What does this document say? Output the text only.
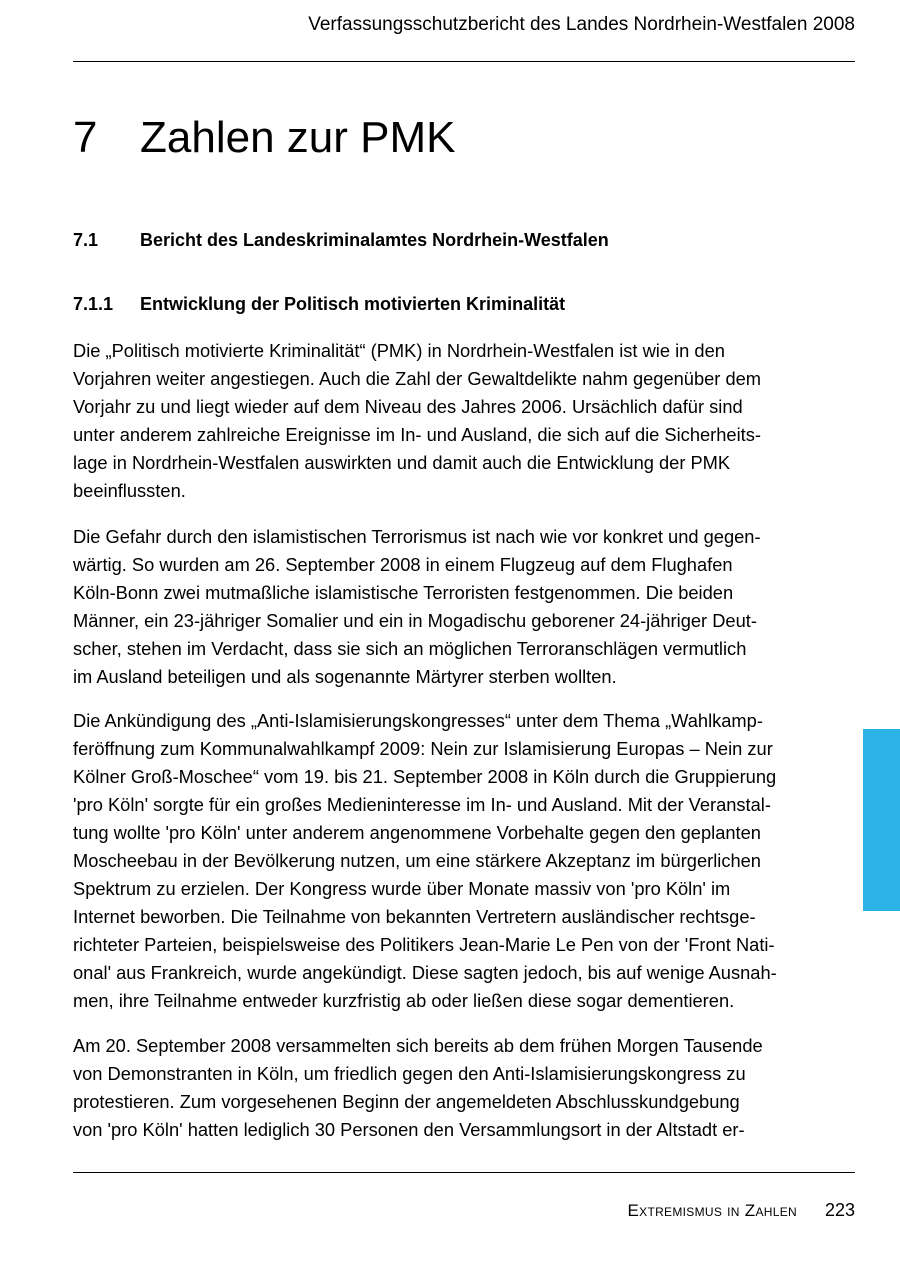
Verfassungsschutzbericht des Landes Nordrhein-Westfalen 2008
7 Zahlen zur PMK
7.1 Bericht des Landeskriminalamtes Nordrhein-Westfalen
7.1.1 Entwicklung der Politisch motivierten Kriminalität

Die „Politisch motivierte Kriminalität“ (PMK) in Nordrhein-Westfalen ist wie in den

Vorjahren weiter angestiegen. Auch die Zahl der Gewaltdelikte nahm gegenüber dem

Vorjahr zu und liegt wieder auf dem Niveau des Jahres 2006. Ursächlich dafür sind

unter anderem zahlreiche Ereignisse im In- und Ausland, die sich auf die Sicherheits-

lage in Nordrhein-Westfalen auswirkten und damit auch die Entwicklung der PMK

beeinflussten.

Die Gefahr durch den islamistischen Terrorismus ist nach wie vor konkret und gegen-

wärtig. So wurden am 26. September 2008 in einem Flugzeug auf dem Flughafen

Köln-Bonn zwei mutmaßliche islamistische Terroristen festgenommen. Die beiden

Männer, ein 23-jähriger Somalier und ein in Mogadischu geborener 24-jähriger Deut-

scher, stehen im Verdacht, dass sie sich an möglichen Terroranschlägen vermutlich

im Ausland beteiligen und als sogenannte Märtyrer sterben wollten.

Die Ankündigung des „Anti-Islamisierungskongresses“ unter dem Thema „Wahlkamp-

feröffnung zum Kommunalwahlkampf 2009: Nein zur Islamisierung Europas – Nein zur

Kölner Groß-Moschee“ vom 19. bis 21. September 2008 in Köln durch die Gruppierung

'pro Köln' sorgte für ein großes Medieninteresse im In- und Ausland. Mit der Veranstal-

tung wollte 'pro Köln' unter anderem angenommene Vorbehalte gegen den geplanten

Moscheebau in der Bevölkerung nutzen, um eine stärkere Akzeptanz im bürgerlichen

Spektrum zu erzielen. Der Kongress wurde über Monate massiv von 'pro Köln' im

Internet beworben. Die Teilnahme von bekannten Vertretern ausländischer rechtsge-

richteter Parteien, beispielsweise des Politikers Jean-Marie Le Pen von der 'Front Nati-

onal' aus Frankreich, wurde angekündigt. Diese sagten jedoch, bis auf wenige Ausnah-

men, ihre Teilnahme entweder kurzfristig ab oder ließen diese sogar dementieren.

Am 20. September 2008 versammelten sich bereits ab dem frühen Morgen Tausende

von Demonstranten in Köln, um friedlich gegen den Anti-Islamisierungskongress zu

protestieren. Zum vorgesehenen Beginn der angemeldeten Abschlusskundgebung

von 'pro Köln' hatten lediglich 30 Personen den Versammlungsort in der Altstadt er-

Extremismus in Zahlen 223
